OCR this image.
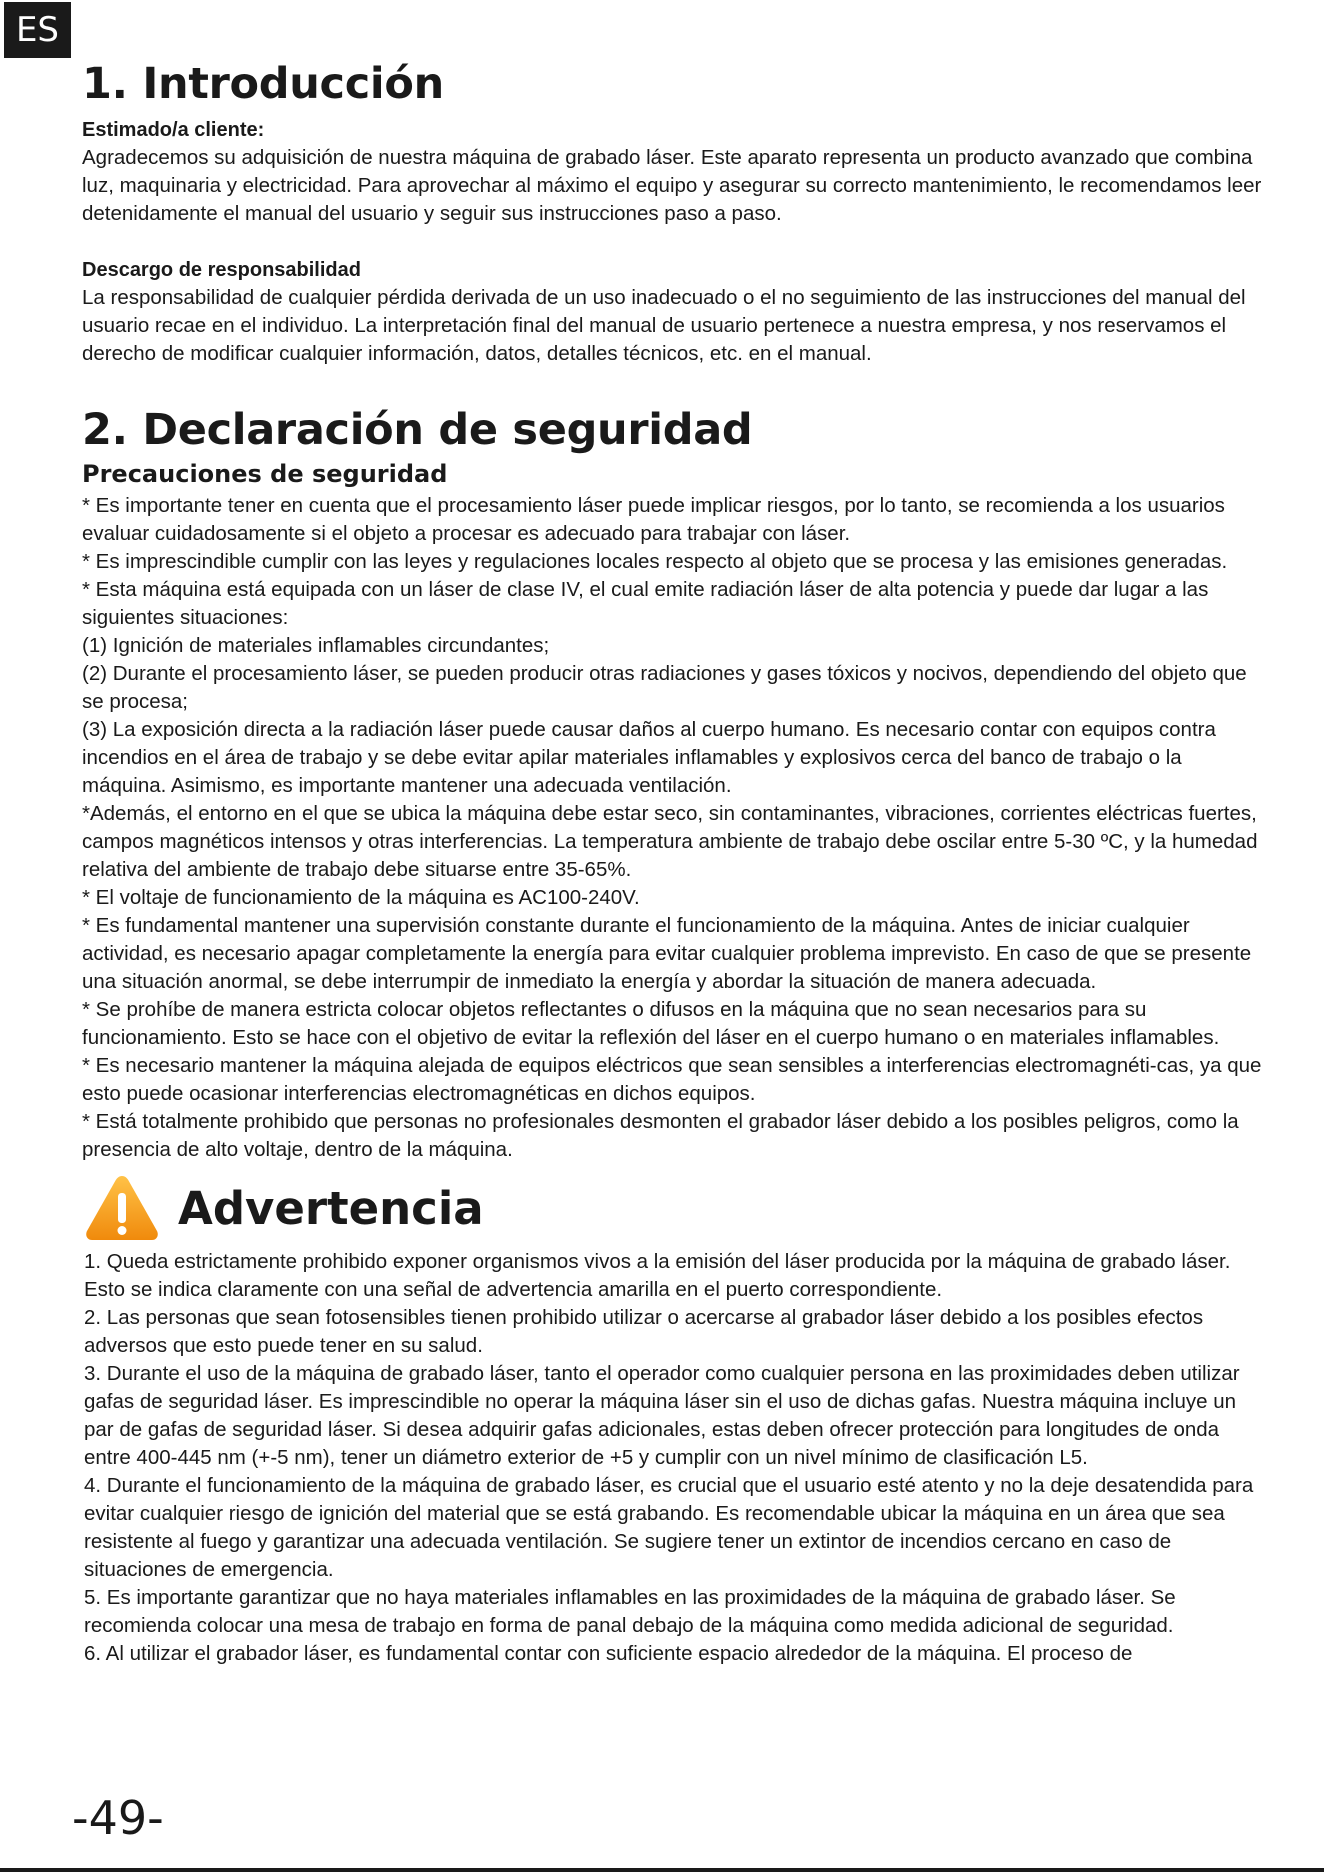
ES
1. Introducción

Estimado/a cliente:

Agradecemos su adquisición de nuestra máquina de grabado láser. Este aparato representa un producto avanzado que combina luz, maquinaria y electricidad. Para aprovechar al máximo el equipo y asegurar su correcto mantenimiento, le recomendamos leer detenidamente el manual del usuario y seguir sus instrucciones paso a paso.

Descargo de responsabilidad

La responsabilidad de cualquier pérdida derivada de un uso inadecuado o el no seguimiento de las instrucciones del manual del usuario recae en el individuo. La interpretación final del manual de usuario pertenece a nuestra empresa, y nos reservamos el derecho de modificar cualquier información, datos, detalles técnicos, etc. en el manual.

2. Declaración de seguridad

Precauciones de seguridad

* Es importante tener en cuenta que el procesamiento láser puede implicar riesgos, por lo tanto, se recomienda a los usuarios evaluar cuidadosamente si el objeto a procesar es adecuado para trabajar con láser.

* Es imprescindible cumplir con las leyes y regulaciones locales respecto al objeto que se procesa y las emisiones generadas.

* Esta máquina está equipada con un láser de clase IV, el cual emite radiación láser de alta potencia y puede dar lugar a las siguientes situaciones:

(1) Ignición de materiales inflamables circundantes;

(2) Durante el procesamiento láser, se pueden producir otras radiaciones y gases tóxicos y nocivos, dependiendo del objeto que se procesa;

(3) La exposición directa a la radiación láser puede causar daños al cuerpo humano. Es necesario contar con equipos contra incendios en el área de trabajo y se debe evitar apilar materiales inflamables y explosivos cerca del banco de trabajo o la máquina. Asimismo, es importante mantener una adecuada ventilación.

*Además, el entorno en el que se ubica la máquina debe estar seco, sin contaminantes, vibraciones, corrientes eléctricas fuertes, campos magnéticos intensos y otras interferencias. La temperatura ambiente de trabajo debe oscilar entre 5-30 ºC, y la humedad relativa del ambiente de trabajo debe situarse entre 35-65%.

* El voltaje de funcionamiento de la máquina es AC100-240V.

* Es fundamental mantener una supervisión constante durante el funcionamiento de la máquina. Antes de iniciar cualquier actividad, es necesario apagar completamente la energía para evitar cualquier problema imprevisto. En caso de que se presente una situación anormal, se debe interrumpir de inmediato la energía y abordar la situación de manera adecuada.

* Se prohíbe de manera estricta colocar objetos reflectantes o difusos en la máquina que no sean necesarios para su funcionamiento. Esto se hace con el objetivo de evitar la reflexión del láser en el cuerpo humano o en materiales inflamables.

* Es necesario mantener la máquina alejada de equipos eléctricos que sean sensibles a interferencias electromagnéti-cas, ya que esto puede ocasionar interferencias electromagnéticas en dichos equipos.

* Está totalmente prohibido que personas no profesionales desmonten el grabador láser debido a los posibles peligros, como la presencia de alto voltaje, dentro de la máquina.

Advertencia

1. Queda estrictamente prohibido exponer organismos vivos a la emisión del láser producida por la máquina de grabado láser. Esto se indica claramente con una señal de advertencia amarilla en el puerto correspondiente.

2. Las personas que sean fotosensibles tienen prohibido utilizar o acercarse al grabador láser debido a los posibles efectos adversos que esto puede tener en su salud.

3. Durante el uso de la máquina de grabado láser, tanto el operador como cualquier persona en las proximidades deben utilizar gafas de seguridad láser. Es imprescindible no operar la máquina láser sin el uso de dichas gafas. Nuestra máquina incluye un par de gafas de seguridad láser. Si desea adquirir gafas adicionales, estas deben ofrecer protección para longitudes de onda entre 400-445 nm (+-5 nm), tener un diámetro exterior de +5 y cumplir con un nivel mínimo de clasificación L5.

4. Durante el funcionamiento de la máquina de grabado láser, es crucial que el usuario esté atento y no la deje desatendida para evitar cualquier riesgo de ignición del material que se está grabando. Es recomendable ubicar la máquina en un área que sea resistente al fuego y garantizar una adecuada ventilación. Se sugiere tener un extintor de incendios cercano en caso de situaciones de emergencia.

5. Es importante garantizar que no haya materiales inflamables en las proximidades de la máquina de grabado láser. Se recomienda colocar una mesa de trabajo en forma de panal debajo de la máquina como medida adicional de seguridad.

6. Al utilizar el grabador láser, es fundamental contar con suficiente espacio alrededor de la máquina. El proceso de

-49-
